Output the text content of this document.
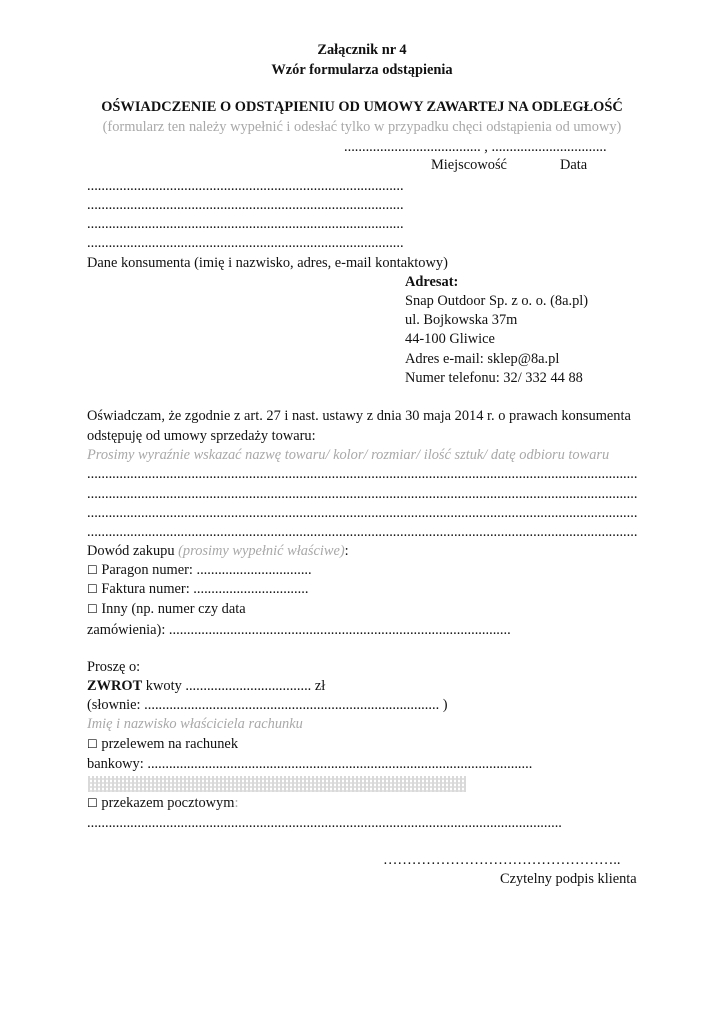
Załącznik nr 4
Wzór formularza odstąpienia
OŚWIADCZENIE O ODSTĄPIENIU OD UMOWY ZAWARTEJ NA ODLEGŁOŚĆ
(formularz ten należy wypełnić i odesłać tylko w przypadku chęci odstąpienia od umowy)
...................................... , ................................
Miejscowość	Data
........................................................................................
........................................................................................
........................................................................................
........................................................................................
Dane konsumenta (imię i nazwisko, adres, e-mail kontaktowy)
Adresat:
Snap Outdoor Sp. z o. o. (8a.pl)
ul. Bojkowska 37m
44-100 Gliwice
Adres e-mail: sklep@8a.pl
Numer telefonu: 32/ 332 44 88
Oświadczam, że zgodnie z art. 27 i nast. ustawy z dnia 30 maja 2014 r. o prawach konsumenta
odstępuję od umowy sprzedaży towaru:
Prosimy wyraźnie wskazać nazwę towaru/ kolor/ rozmiar/ ilość sztuk/ datę odbioru towaru
.........................................................................................................................................................
.........................................................................................................................................................
.........................................................................................................................................................
.........................................................................................................................................................
Dowód zakupu (prosimy wypełnić właściwe):
☐ Paragon numer: ................................
☐ Faktura numer: ................................
☐ Inny (np. numer czy data
zamówienia): ...............................................................................................
Proszę o:
ZWROT kwoty ................................... zł
(słownie: .................................................................................. )
Imię i nazwisko właściciela rachunku
☐ przelewem na rachunek
bankowy: ...........................................................................................................
☐ przekazem pocztowym:
....................................................................................................................................
…………………………………………..
Czytelny podpis klienta
